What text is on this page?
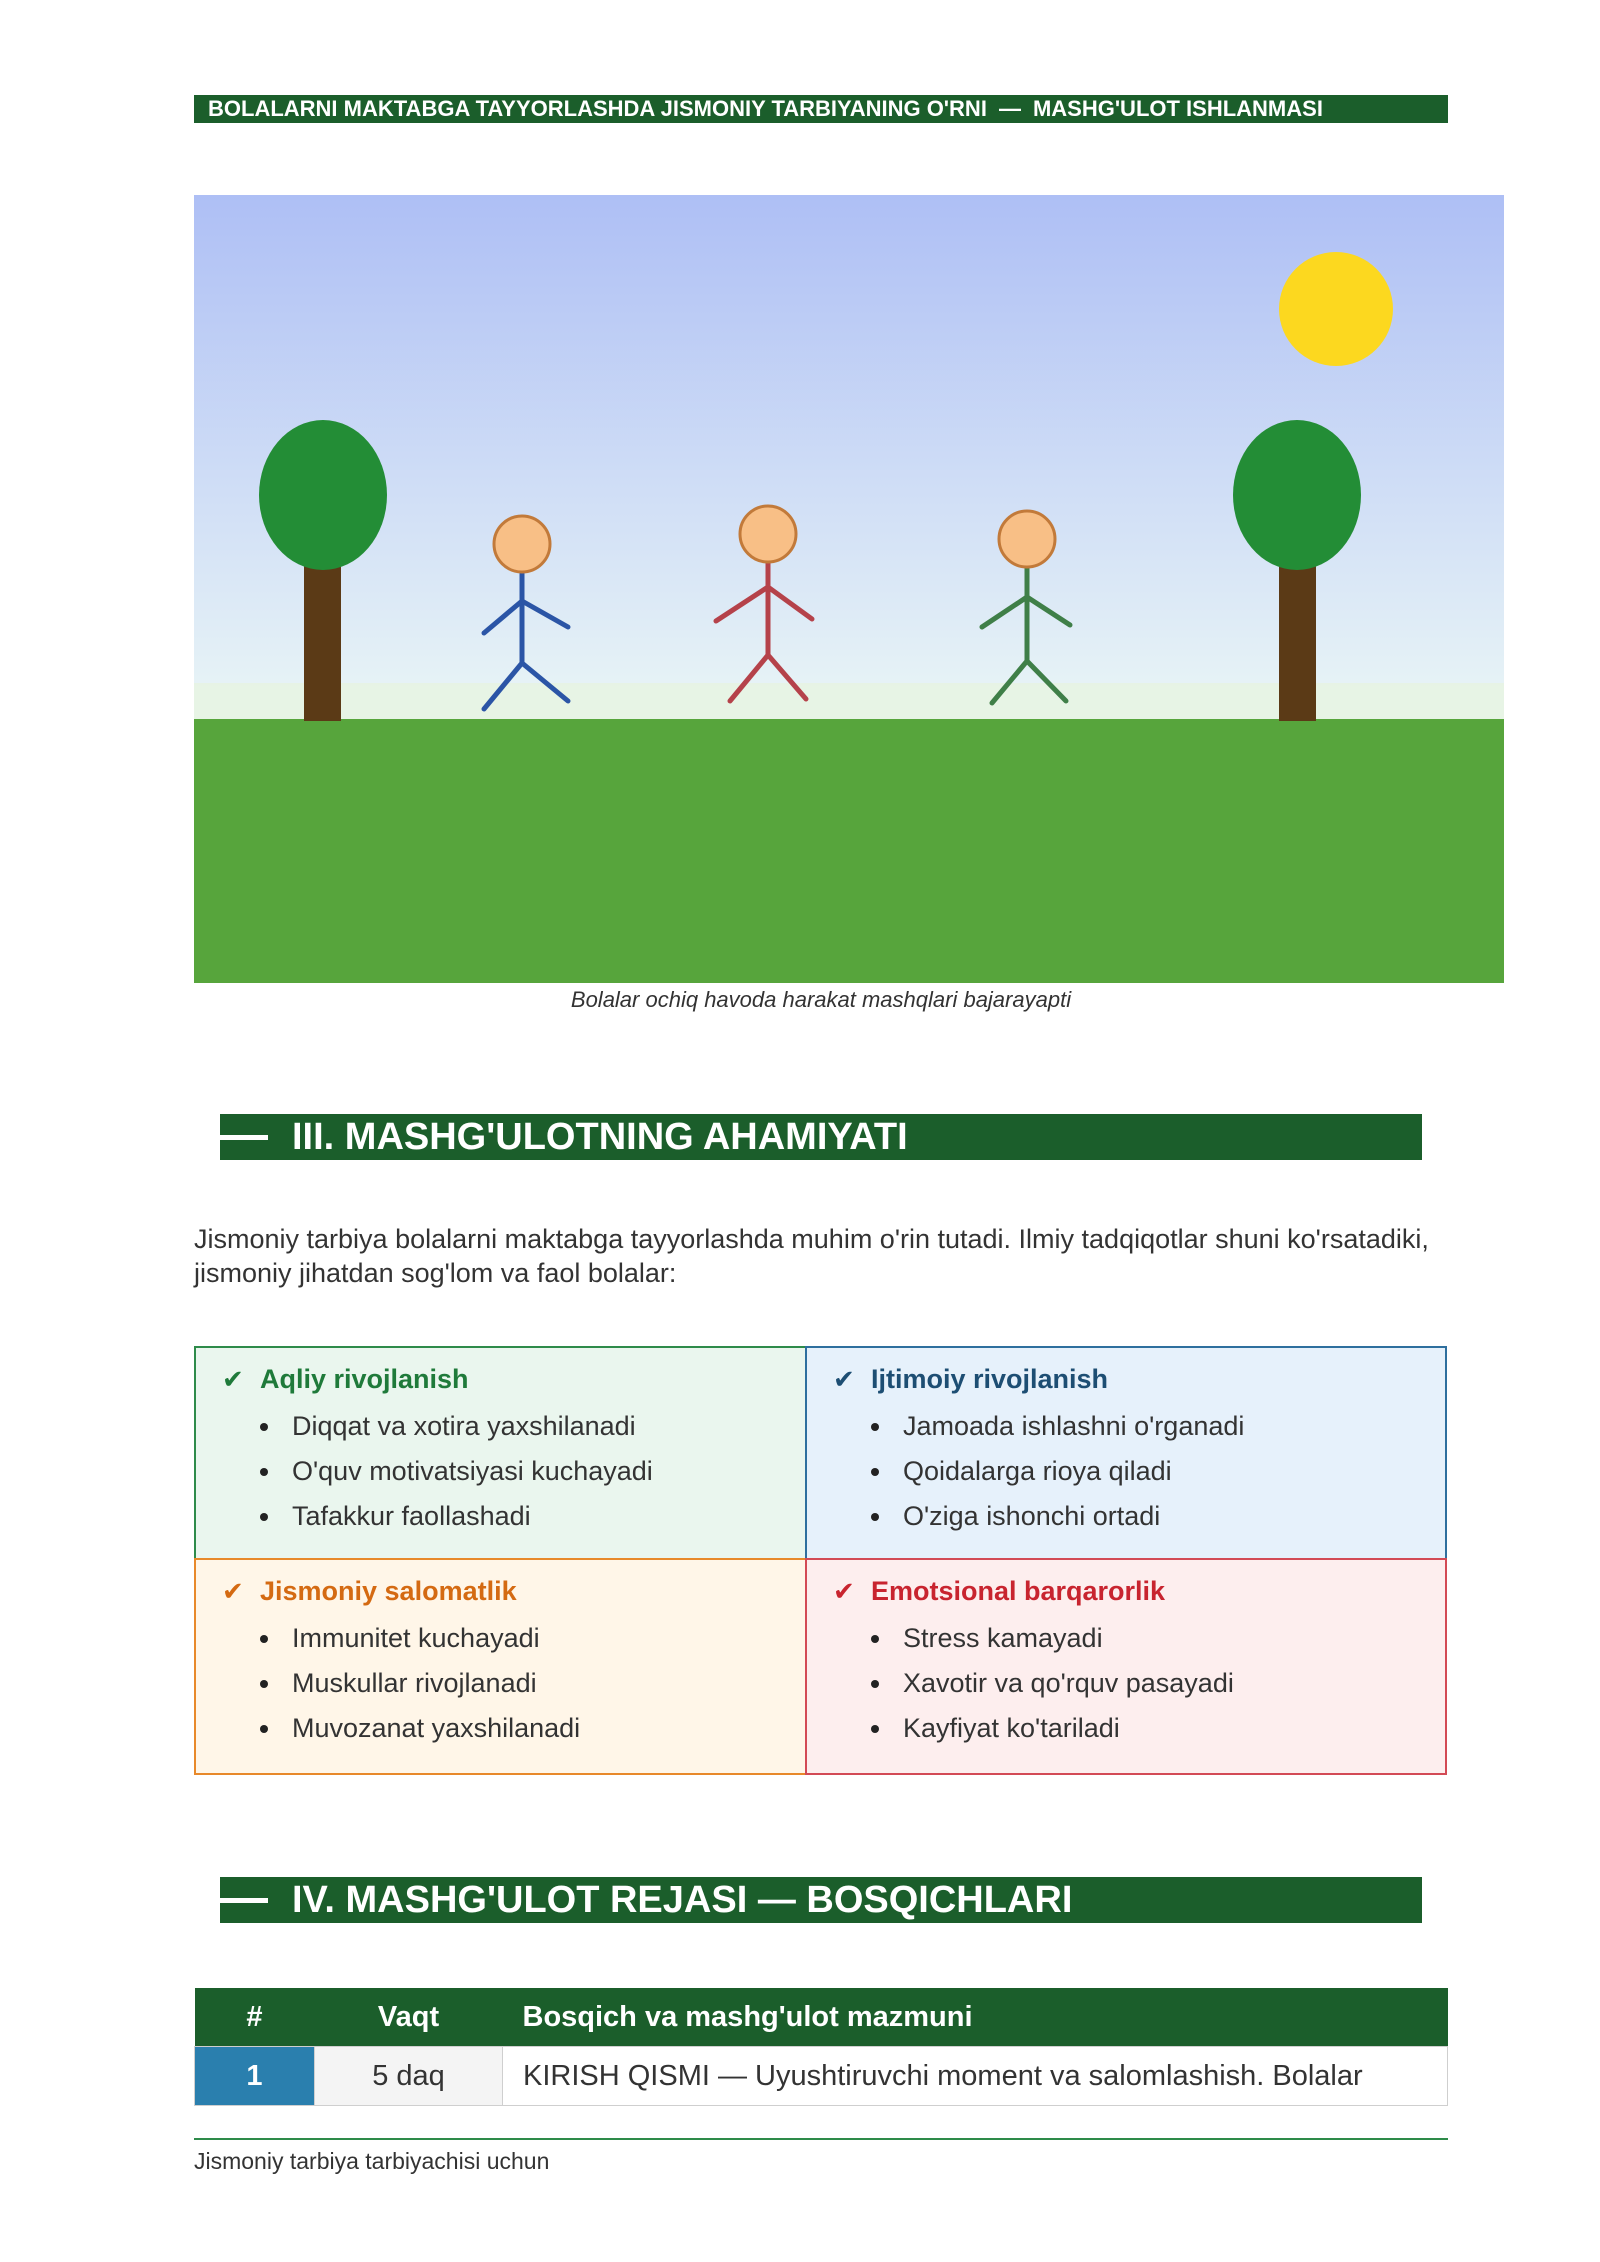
BOLALARNI MAKTABGA TAYYORLASHDA JISMONIY TARBIYANING O'RNI — MASHG'ULOT ISHLANMASI
Bolalar ochiq havoda harakat mashqlari bajarayapti
III. MASHG'ULOTNING AHAMIYATI
Jismoniy tarbiya bolalarni maktabga tayyorlashda muhim o'rin tutadi. Ilmiy tadqiqotlar shuni ko'rsatadiki, jismoniy jihatdan sog'lom va faol bolalar:
✔ Aqliy rivojlanish
Diqqat va xotira yaxshilanadi
O'quv motivatsiyasi kuchayadi
Tafakkur faollashadi
✔ Ijtimoiy rivojlanish
Jamoada ishlashni o'rganadi
Qoidalarga rioya qiladi
O'ziga ishonchi ortadi
✔ Jismoniy salomatlik
Immunitet kuchayadi
Muskullar rivojlanadi
Muvozanat yaxshilanadi
✔ Emotsional barqarorlik
Stress kamayadi
Xavotir va qo'rquv pasayadi
Kayfiyat ko'tariladi
IV. MASHG'ULOT REJASI — BOSQICHLARI
#	Vaqt	Bosqich va mashg'ulot mazmuni
1	5 daq	KIRISH QISMI — Uyushtiruvchi moment va salomlashish. Bolalar
Jismoniy tarbiya tarbiyachisi uchun
